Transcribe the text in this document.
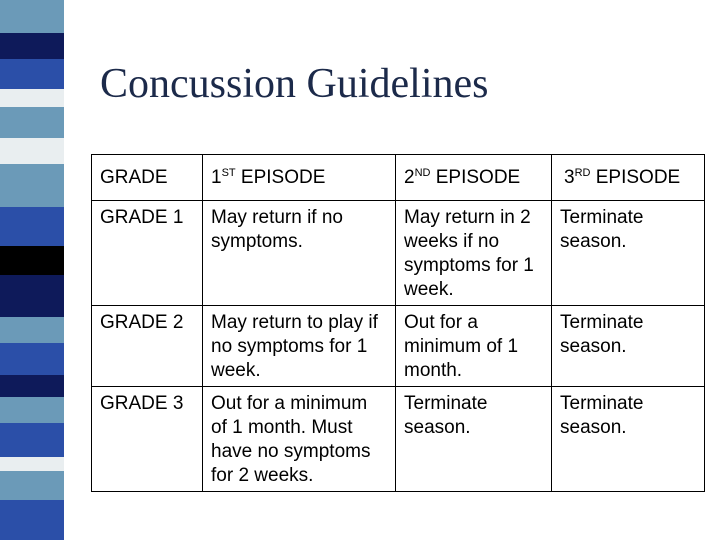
Concussion Guidelines
GRADE	1ST EPISODE	2ND EPISODE	3RD EPISODE
GRADE 1	May return if no symptoms.	May return in 2 weeks if no symptoms for 1 week.	Terminate season.
GRADE 2	May return to play if no symptoms for 1 week.	Out for a minimum of 1 month.	Terminate season.
GRADE 3	Out for a minimum of 1 month. Must have no symptoms for 2 weeks.	Terminate season.	Terminate season.
